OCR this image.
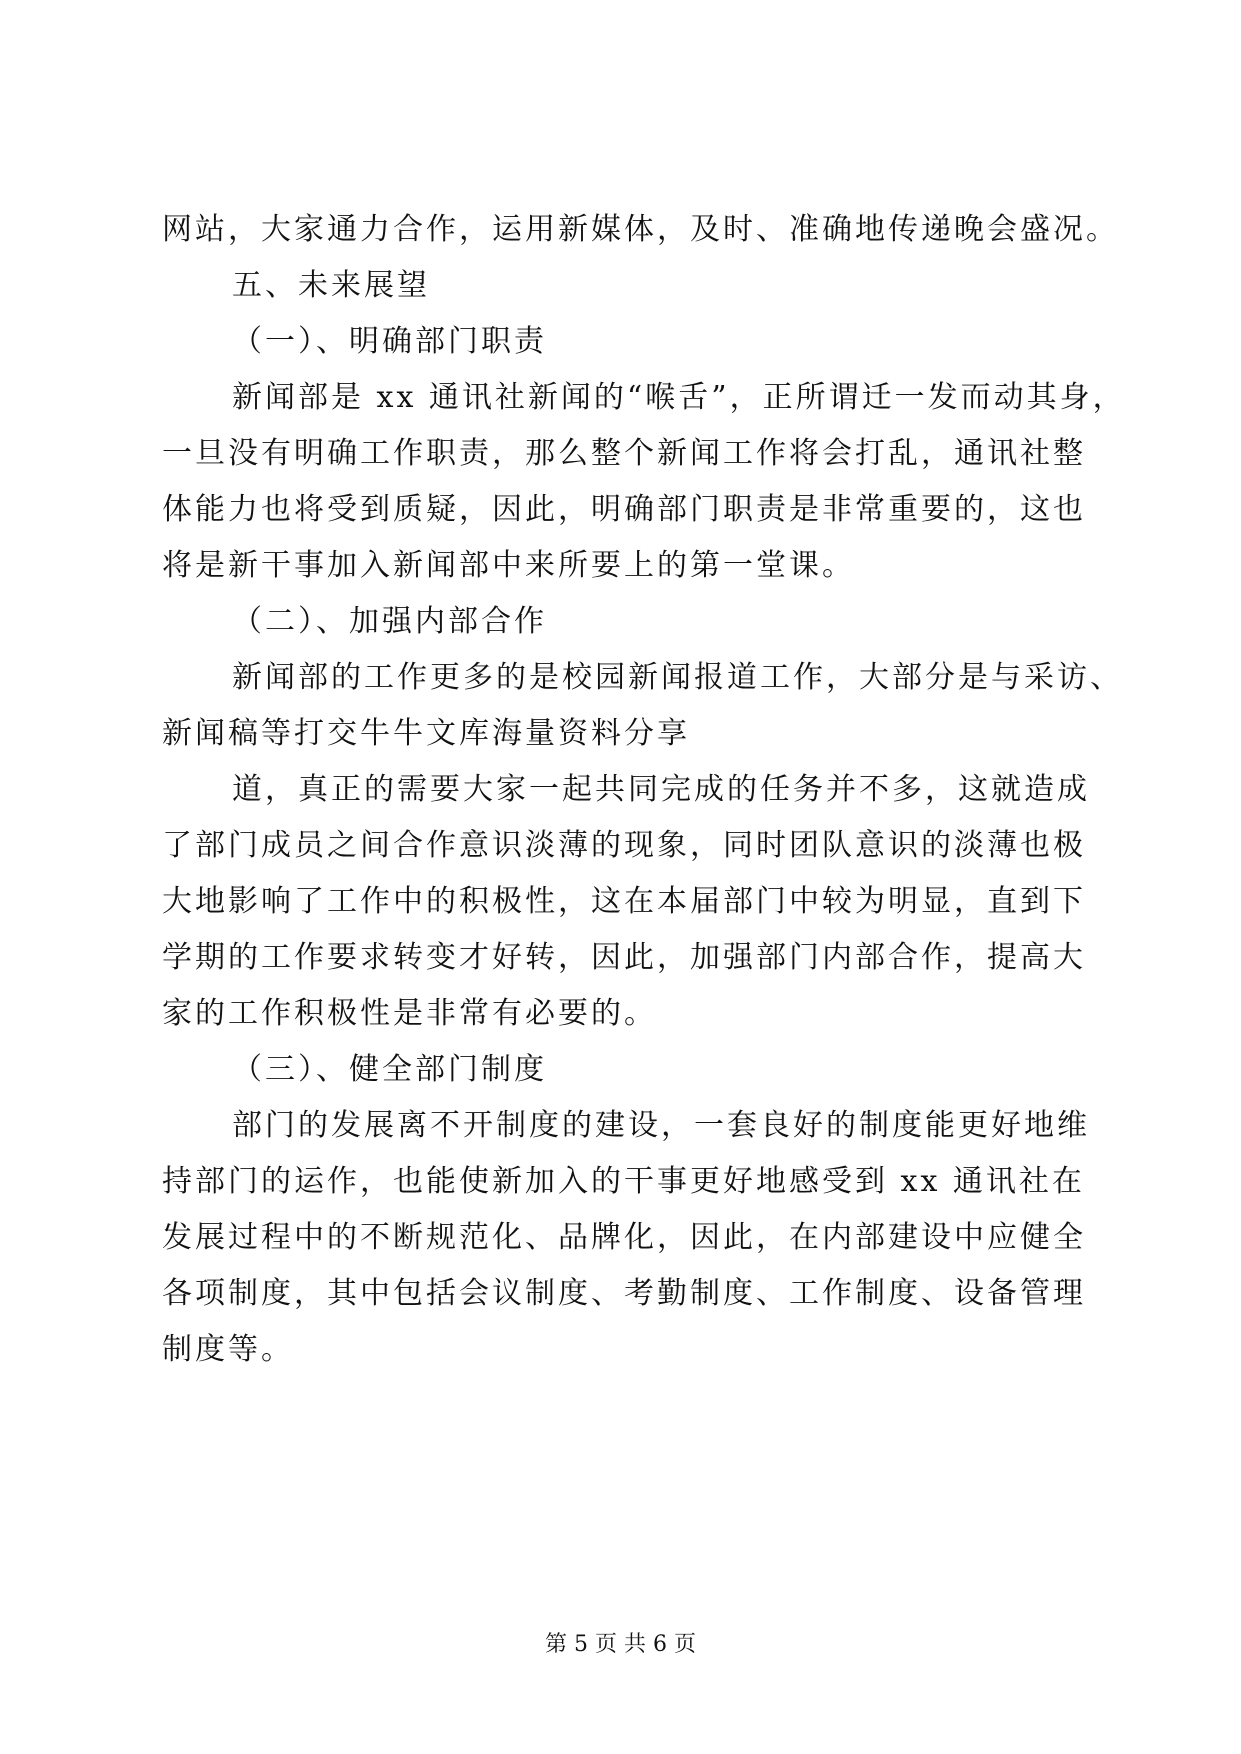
网站，大家通力合作，运用新媒体，及时、准确地传递晚会盛况。
五、未来展望
（一）、明确部门职责
新闻部是 xx 通讯社新闻的“喉舌”，正所谓迁一发而动其身，
一旦没有明确工作职责，那么整个新闻工作将会打乱，通讯社整
体能力也将受到质疑，因此，明确部门职责是非常重要的，这也
将是新干事加入新闻部中来所要上的第一堂课。
（二）、加强内部合作
新闻部的工作更多的是校园新闻报道工作，大部分是与采访、
新闻稿等打交牛牛文库海量资料分享
道，真正的需要大家一起共同完成的任务并不多，这就造成
了部门成员之间合作意识淡薄的现象，同时团队意识的淡薄也极
大地影响了工作中的积极性，这在本届部门中较为明显，直到下
学期的工作要求转变才好转，因此，加强部门内部合作，提高大
家的工作积极性是非常有必要的。
（三）、健全部门制度
部门的发展离不开制度的建设，一套良好的制度能更好地维
持部门的运作，也能使新加入的干事更好地感受到 xx 通讯社在
发展过程中的不断规范化、品牌化，因此，在内部建设中应健全
各项制度，其中包括会议制度、考勤制度、工作制度、设备管理
制度等。
第 5 页 共 6 页
